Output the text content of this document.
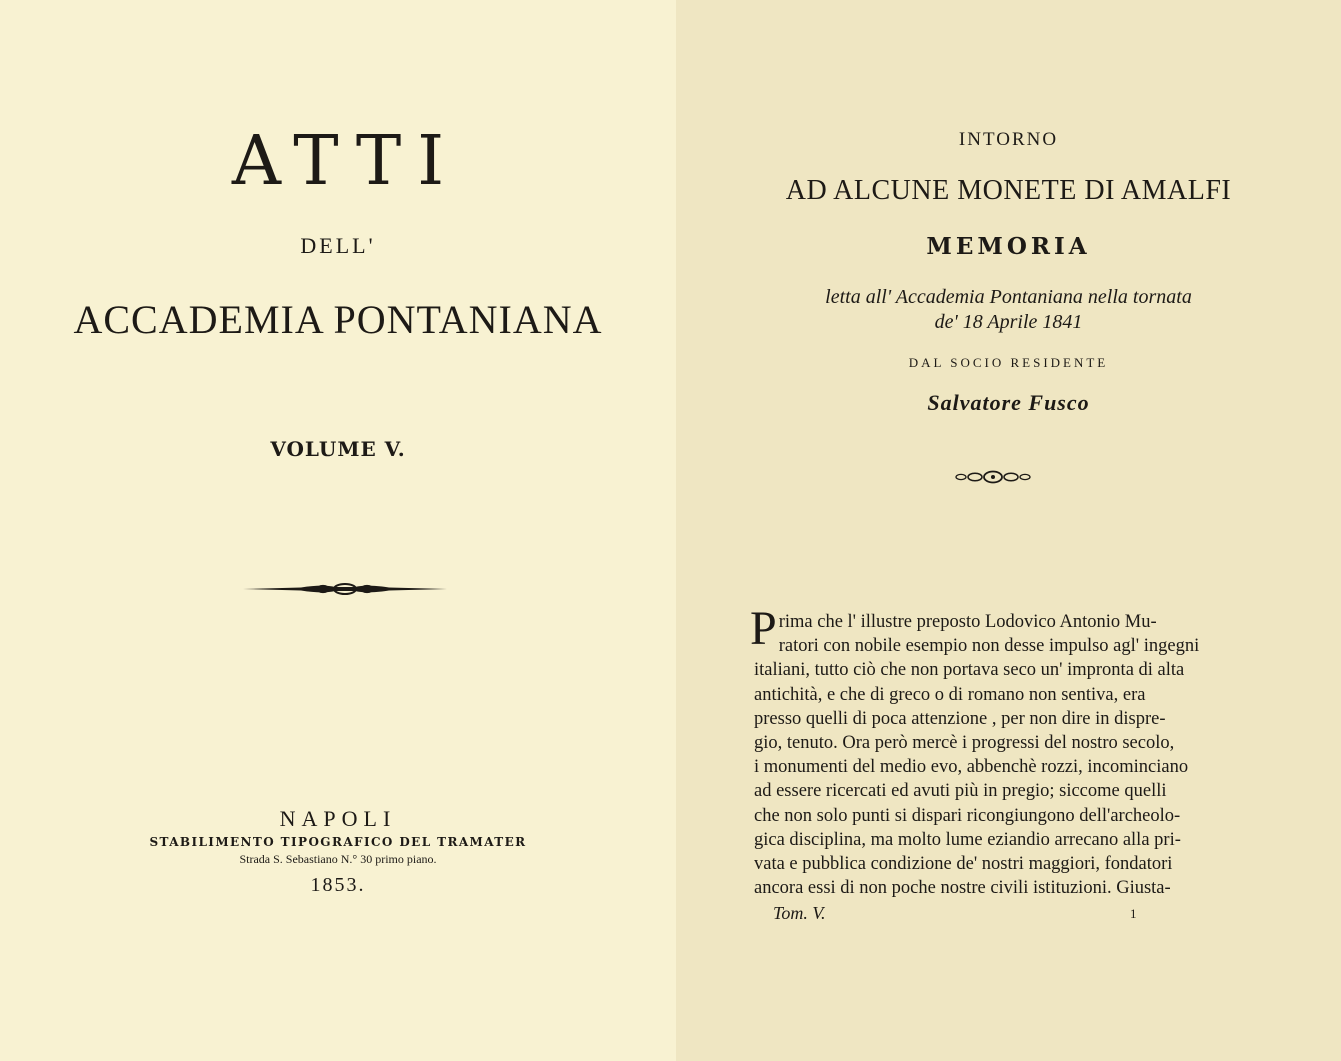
ATTI

DELL'

ACCADEMIA PONTANIANA

VOLUME V.

NAPOLI

STABILIMENTO TIPOGRAFICO DEL TRAMATER

Strada S. Sebastiano N.° 30 primo piano.

1853.

INTORNO

AD ALCUNE MONETE DI AMALFI

MEMORIA

letta all' Accademia Pontaniana nella tornata

de' 18 Aprile 1841

DAL SOCIO RESIDENTE

Salvatore Fusco

P rima che l' illustre preposto Lodovico Antonio Mu-
ratori con nobile esempio non desse impulso agl' ingegni
italiani, tutto ciò che non portava seco un' impronta di alta
antichità, e che di greco o di romano non sentiva, era
presso quelli di poca attenzione , per non dire in dispre-
gio, tenuto. Ora però mercè i progressi del nostro secolo,
i monumenti del medio evo, abbenchè rozzi, incominciano
ad essere ricercati ed avuti più in pregio; siccome quelli
che non solo punti si dispari ricongiungono dell'archeolo-
gica disciplina, ma molto lume eziandio arrecano alla pri-
vata e pubblica condizione de' nostri maggiori, fondatori
ancora essi di non poche nostre civili istituzioni. Giusta-

Tom. V.	1
